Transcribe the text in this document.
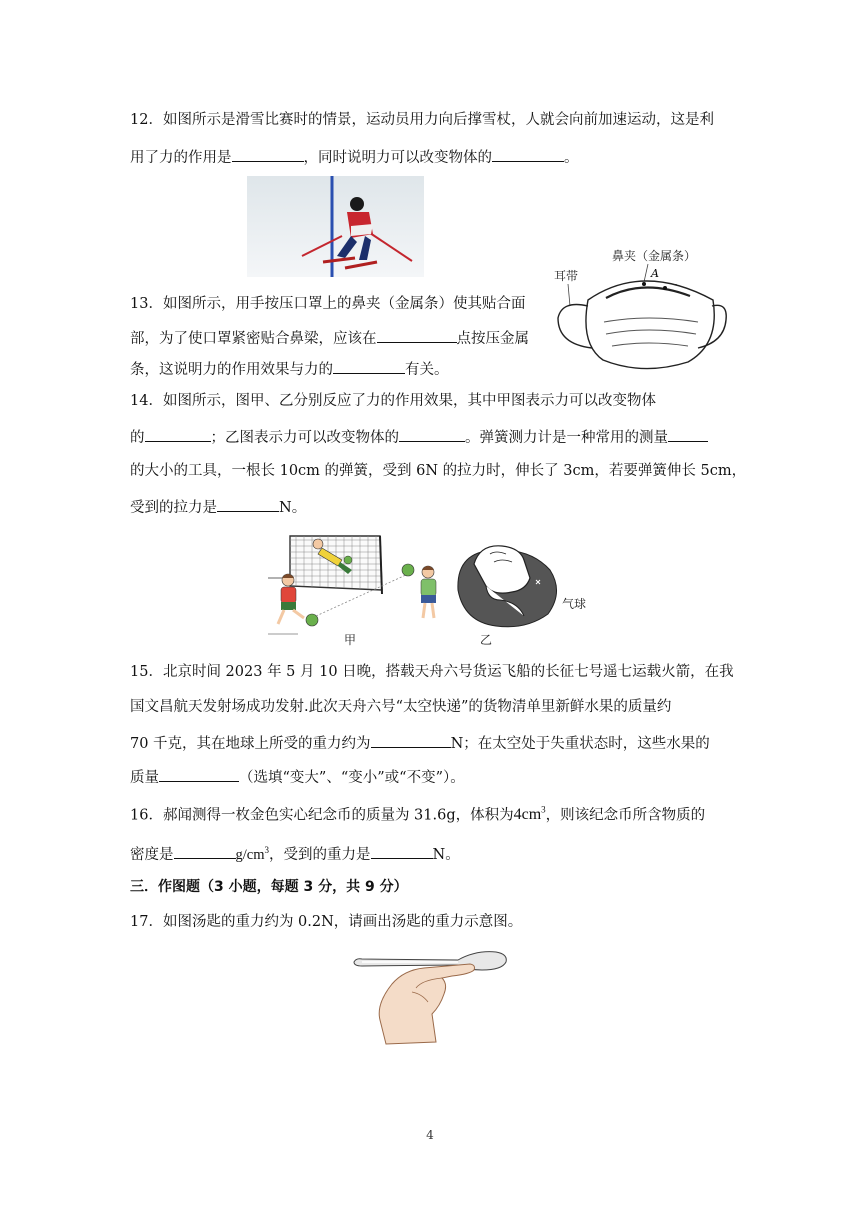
12．如图所示是滑雪比赛时的情景，运动员用力向后撑雪杖，人就会向前加速运动，这是利
用了力的作用是	，同时说明力可以改变物体的	。
13．如图所示，用手按压口罩上的鼻夹（金属条）使其贴合面
部，为了使口罩紧密贴合鼻梁，应该在	点按压金属
条，这说明力的作用效果与力的	有关。
鼻夹（金属条）
耳带	A
14．如图所示，图甲、乙分别反应了力的作用效果，其中甲图表示力可以改变物体
的	；乙图表示力可以改变物体的	。弹簧测力计是一种常用的测量
的大小的工具，一根长 10cm 的弹簧，受到 6N 的拉力时，伸长了 3cm，若要弹簧伸长 5cm，
受到的拉力是	N。
气球
甲	乙
15．北京时间 2023 年 5 月 10 日晚，搭载天舟六号货运飞船的长征七号遥七运载火箭，在我
国文昌航天发射场成功发射.此次天舟六号“太空快递”的货物清单里新鲜水果的质量约
70 千克，其在地球上所受的重力约为	N；在太空处于失重状态时，这些水果的
质量	（选填“变大”、“变小”或“不变”）。
16．郝闻测得一枚金色实心纪念币的质量为 31.6g，体积为$4cm^3$，则该纪念币所含物质的
密度是	$g/cm^3$，受到的重力是	N。
三．作图题（3 小题，每题 3 分，共 9 分）
17．如图汤匙的重力约为 0.2N，请画出汤匙的重力示意图。
4
